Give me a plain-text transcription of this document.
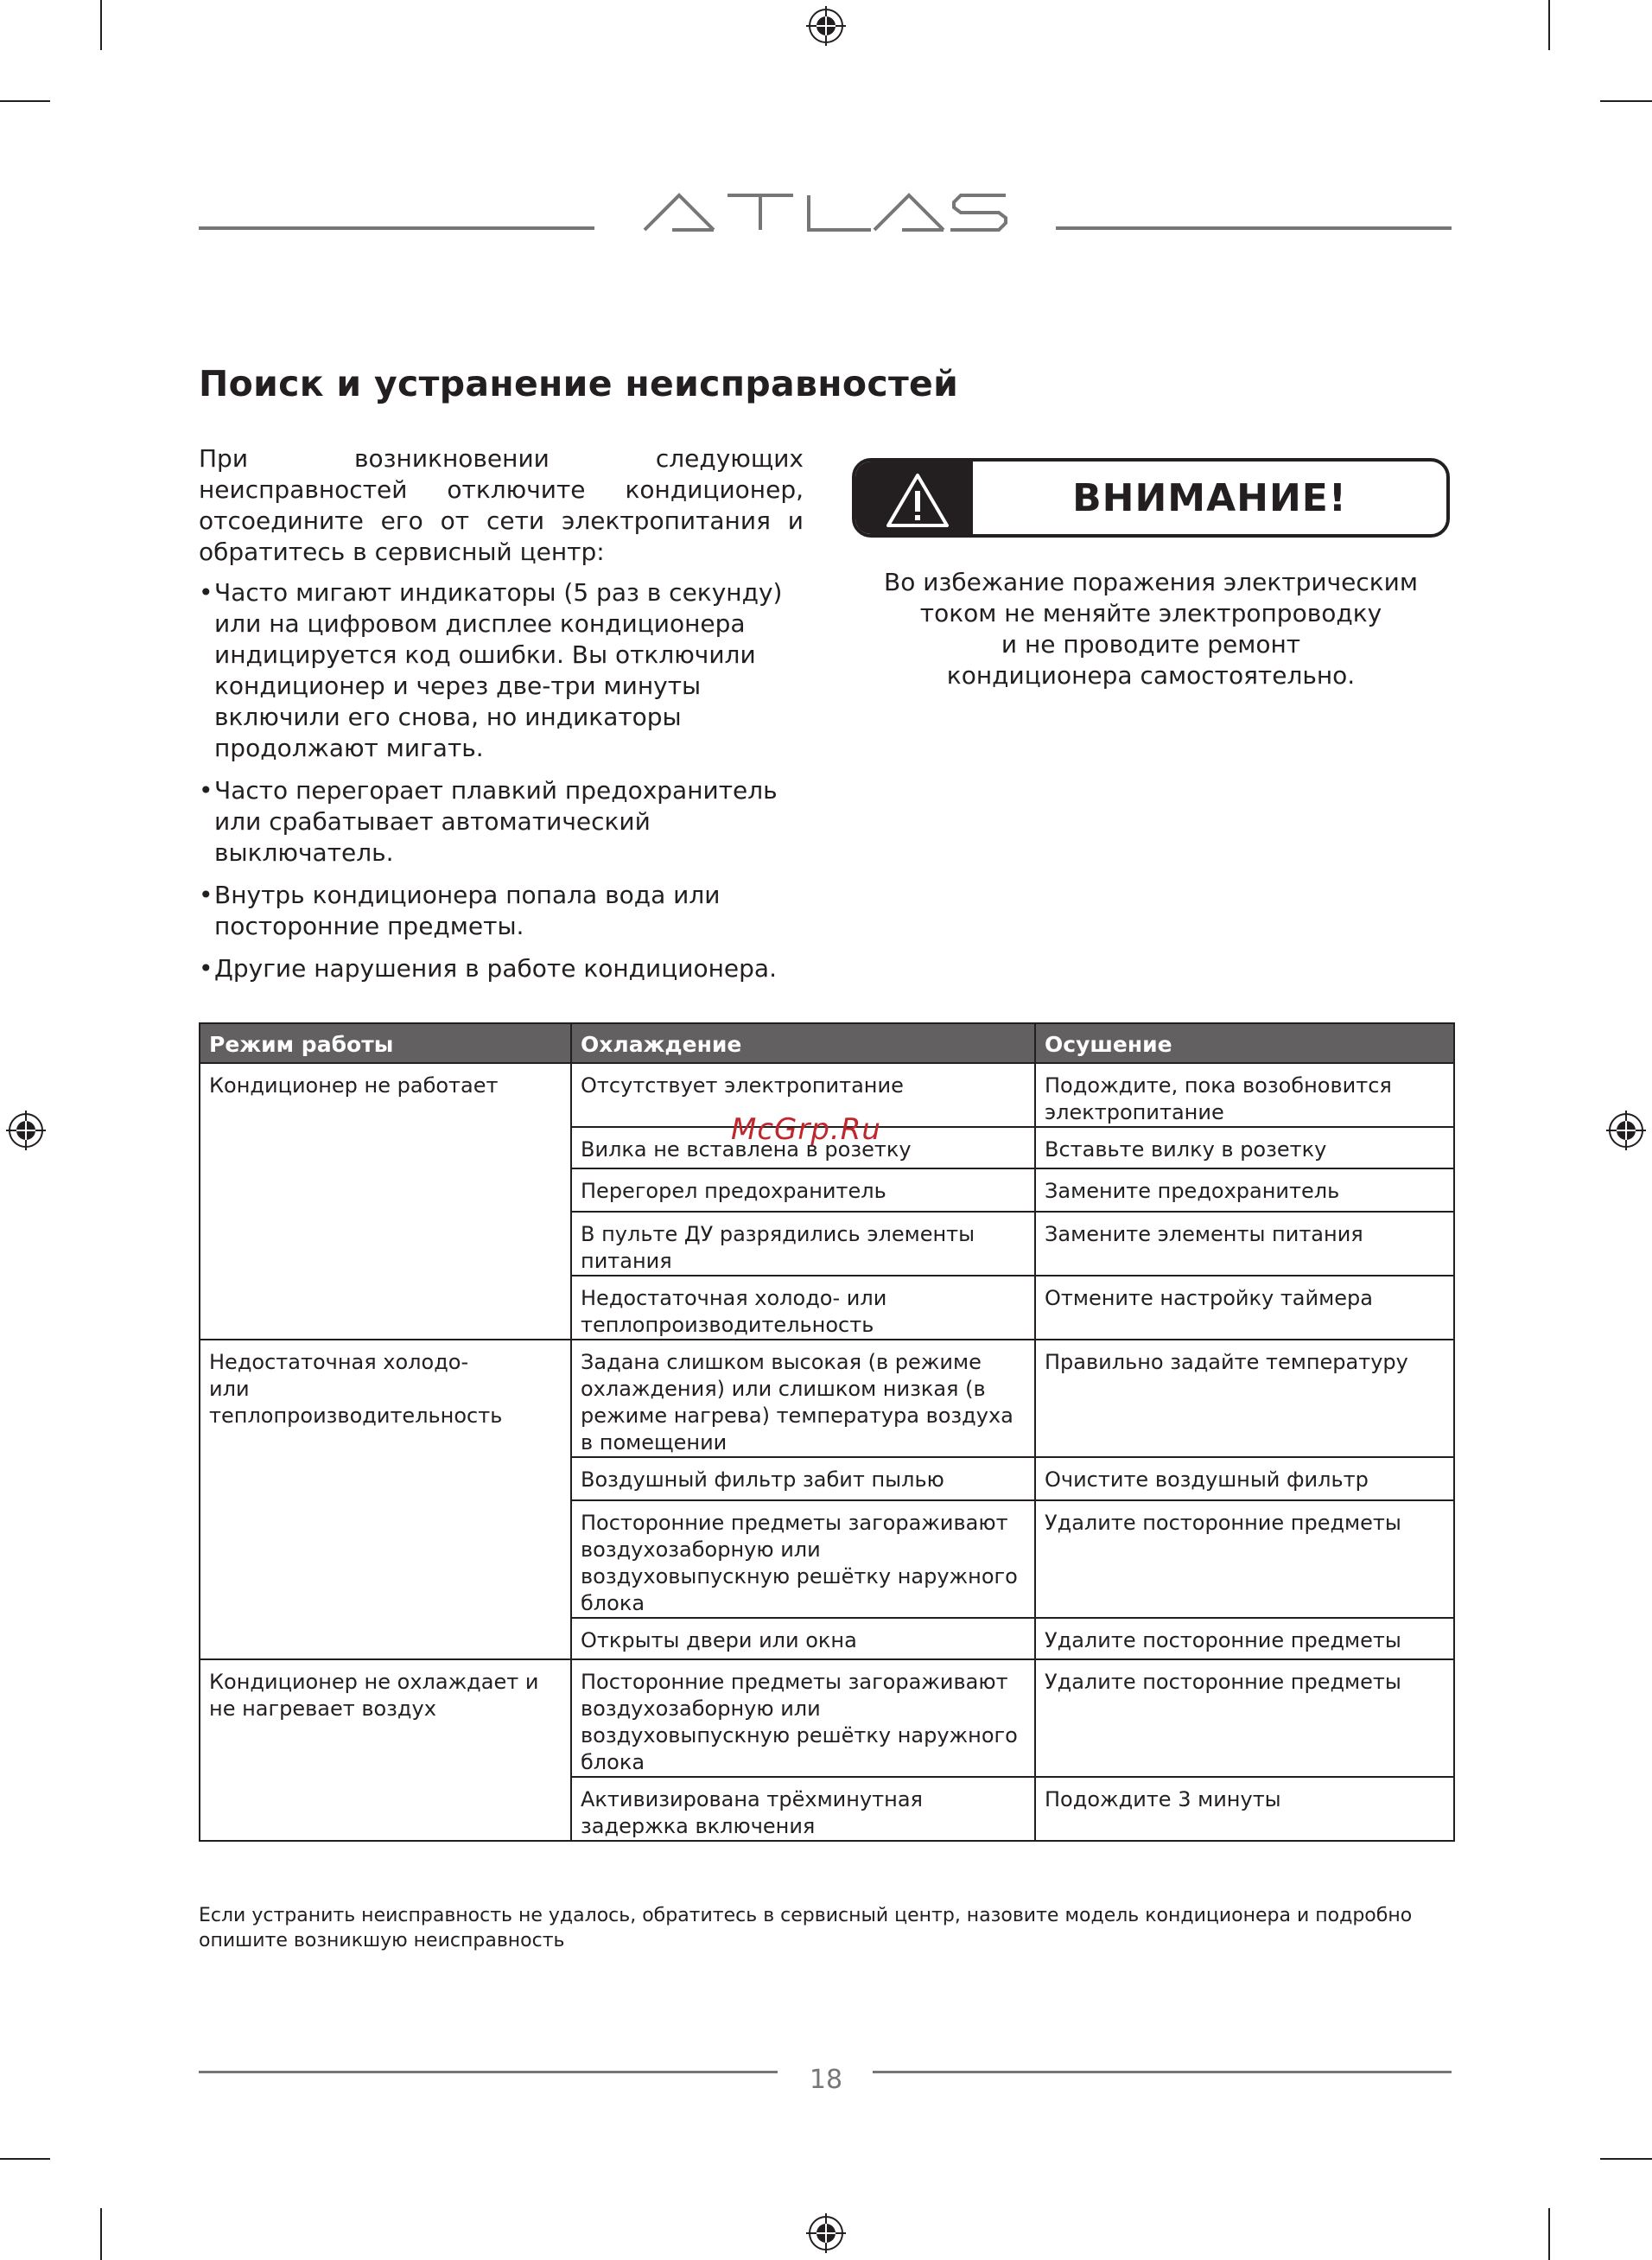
Поиск и устранение неисправностей

При возникновении следующих неисправностей отключите кондиционер, отсоедините его от сети электропитания и обратитесь в сервисный центр:

• Часто мигают индикаторы (5 раз в секунду) или на цифровом дисплее кондиционера индицируется код ошибки. Вы отключили кондиционер и через две-три минуты включили его снова, но индикаторы продолжают мигать.
• Часто перегорает плавкий предохранитель или срабатывает автоматический выключатель.
• Внутрь кондиционера попала вода или посторонние предметы.
• Другие нарушения в работе кондиционера.
ВНИМАНИЕ!
Во избежание поражения электрическим
током не меняйте электропроводку
и не проводите ремонт
кондиционера самостоятельно.
Режим работы	Охлаждение	Осушение
Кондиционер не работает	Отсутствует электропитание	Подождите, пока возобновится электропитание
	Вилка не вставлена в розетку	Вставьте вилку в розетку
	Перегорел предохранитель	Замените предохранитель
	В пульте ДУ разрядились элементы питания	Замените элементы питания
	Недостаточная холодо- или теплопроизводительность	Отмените настройку таймера
Недостаточная холодо- или теплопроизводительность	Задана слишком высокая (в режиме охлаждения) или слишком низкая (в режиме нагрева) температура воздуха в помещении	Правильно задайте температуру
	Воздушный фильтр забит пылью	Очистите воздушный фильтр
	Посторонние предметы загораживают воздухозаборную или воздуховыпускную решётку наружного блока	Удалите посторонние предметы
	Открыты двери или окна	Удалите посторонние предметы
Кондиционер не охлаждает и не нагревает воздух	Посторонние предметы загораживают воздухозаборную или воздуховыпускную решётку наружного блока	Удалите посторонние предметы
	Активизирована трёхминутная задержка включения	Подождите 3 минуты
McGrp.Ru

Если устранить неисправность не удалось, обратитесь в сервисный центр, назовите модель кондиционера и подробно опишите возникшую неисправность

18
